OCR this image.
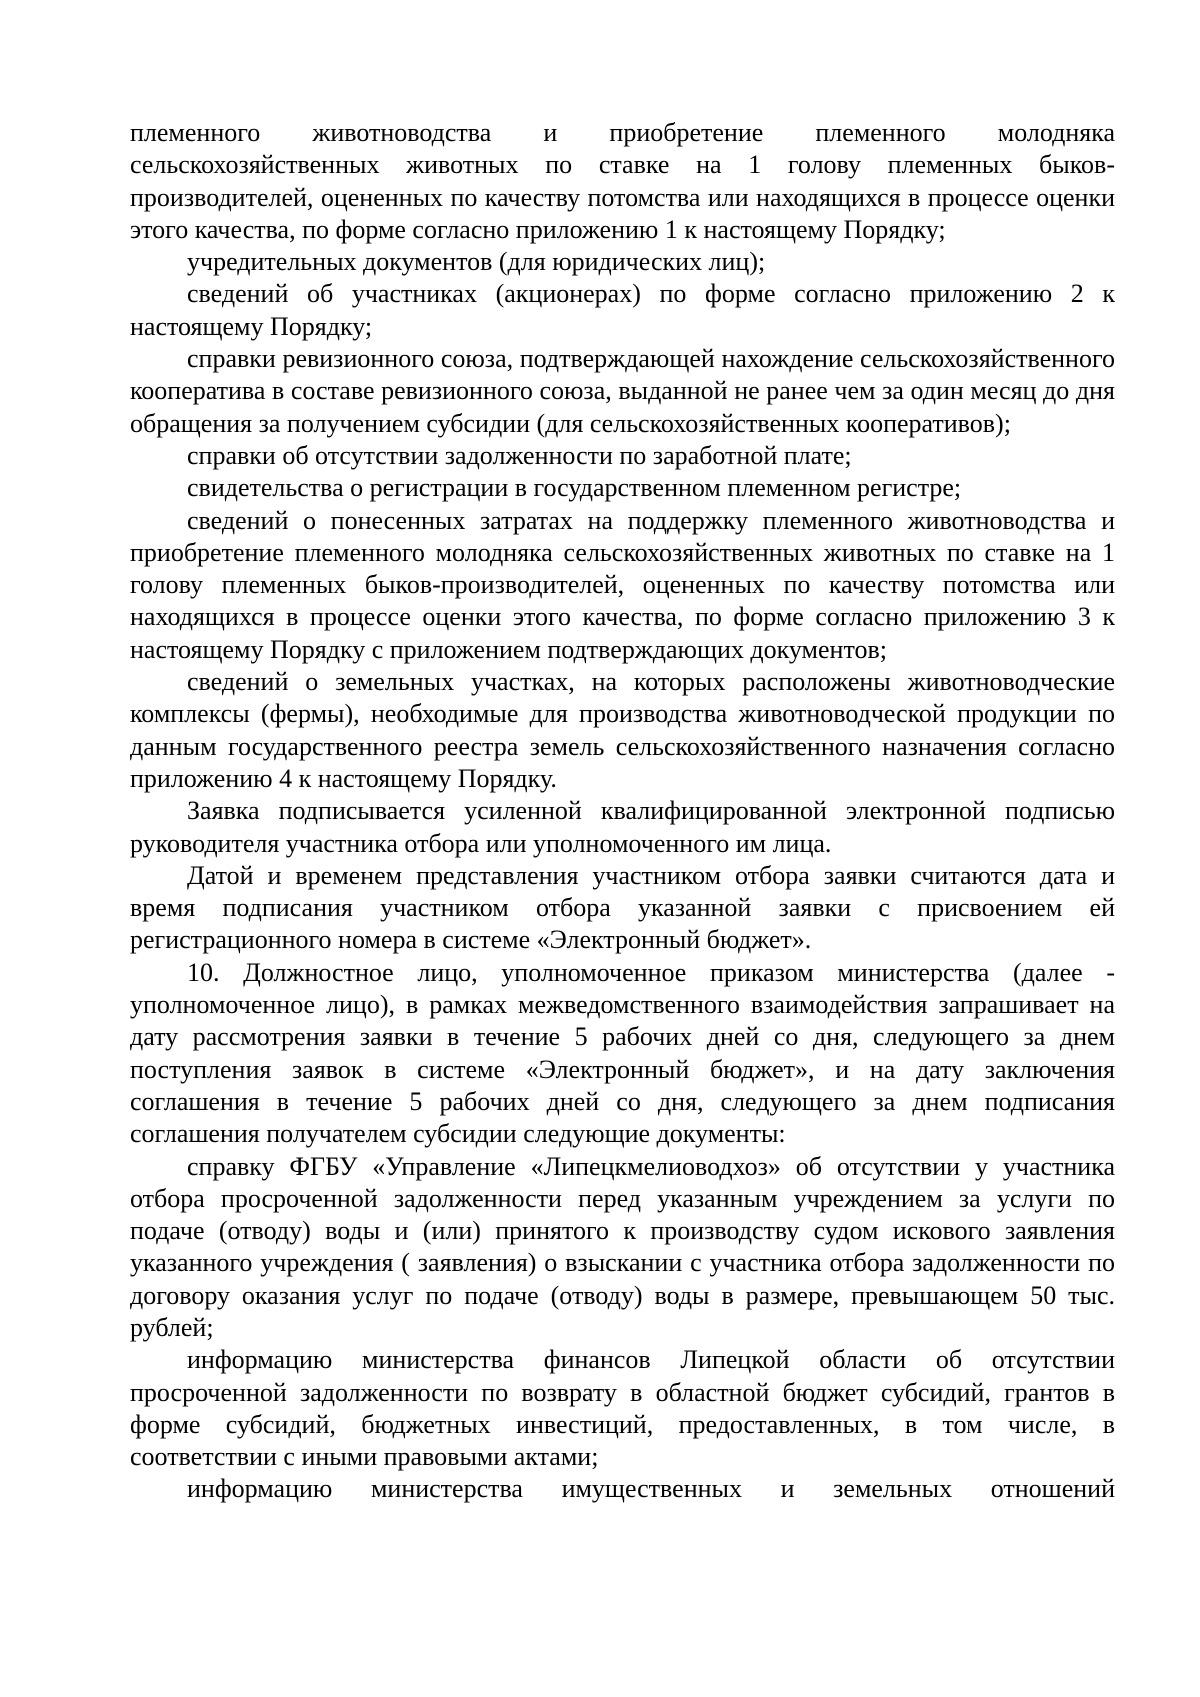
племенного животноводства и приобретение племенного молодняка сельскохозяйственных животных по ставке на 1 голову племенных быков-производителей, оцененных по качеству потомства или находящихся в процессе оценки этого качества, по форме согласно приложению 1 к настоящему Порядку;

учредительных документов (для юридических лиц);

сведений об участниках (акционерах) по форме согласно приложению 2 к настоящему Порядку;

справки ревизионного союза, подтверждающей нахождение сельскохозяйственного кооператива в составе ревизионного союза, выданной не ранее чем за один месяц до дня обращения за получением субсидии (для сельскохозяйственных кооперативов);

справки об отсутствии задолженности по заработной плате;

свидетельства о регистрации в государственном племенном регистре;

сведений о понесенных затратах на поддержку племенного животноводства и приобретение племенного молодняка сельскохозяйственных животных по ставке на 1 голову племенных быков-производителей, оцененных по качеству потомства или находящихся в процессе оценки этого качества, по форме согласно приложению 3 к настоящему Порядку с приложением подтверждающих документов;

сведений о земельных участках, на которых расположены животноводческие комплексы (фермы), необходимые для производства животноводческой продукции по данным государственного реестра земель сельскохозяйственного назначения согласно приложению 4 к настоящему Порядку.

Заявка подписывается усиленной квалифицированной электронной подписью руководителя участника отбора или уполномоченного им лица.

Датой и временем представления участником отбора заявки считаются дата и время подписания участником отбора указанной заявки с присвоением ей регистрационного номера в системе «Электронный бюджет».

10. Должностное лицо, уполномоченное приказом министерства (далее - уполномоченное лицо), в рамках межведомственного взаимодействия запрашивает на дату рассмотрения заявки в течение 5 рабочих дней со дня, следующего за днем поступления заявок в системе «Электронный бюджет», и на дату заключения соглашения в течение 5 рабочих дней со дня, следующего за днем подписания соглашения получателем субсидии следующие документы:

справку ФГБУ «Управление «Липецкмелиоводхоз» об отсутствии у участника отбора просроченной задолженности перед указанным учреждением за услуги по подаче (отводу) воды и (или) принятого к производству судом искового заявления указанного учреждения ( заявления) о взыскании с участника отбора задолженности по договору оказания услуг по подаче (отводу) воды в размере, превышающем 50 тыс. рублей;

информацию министерства финансов Липецкой области об отсутствии просроченной задолженности по возврату в областной бюджет субсидий, грантов в форме субсидий, бюджетных инвестиций, предоставленных, в том числе, в соответствии с иными правовыми актами;

информацию министерства имущественных и земельных отношений
